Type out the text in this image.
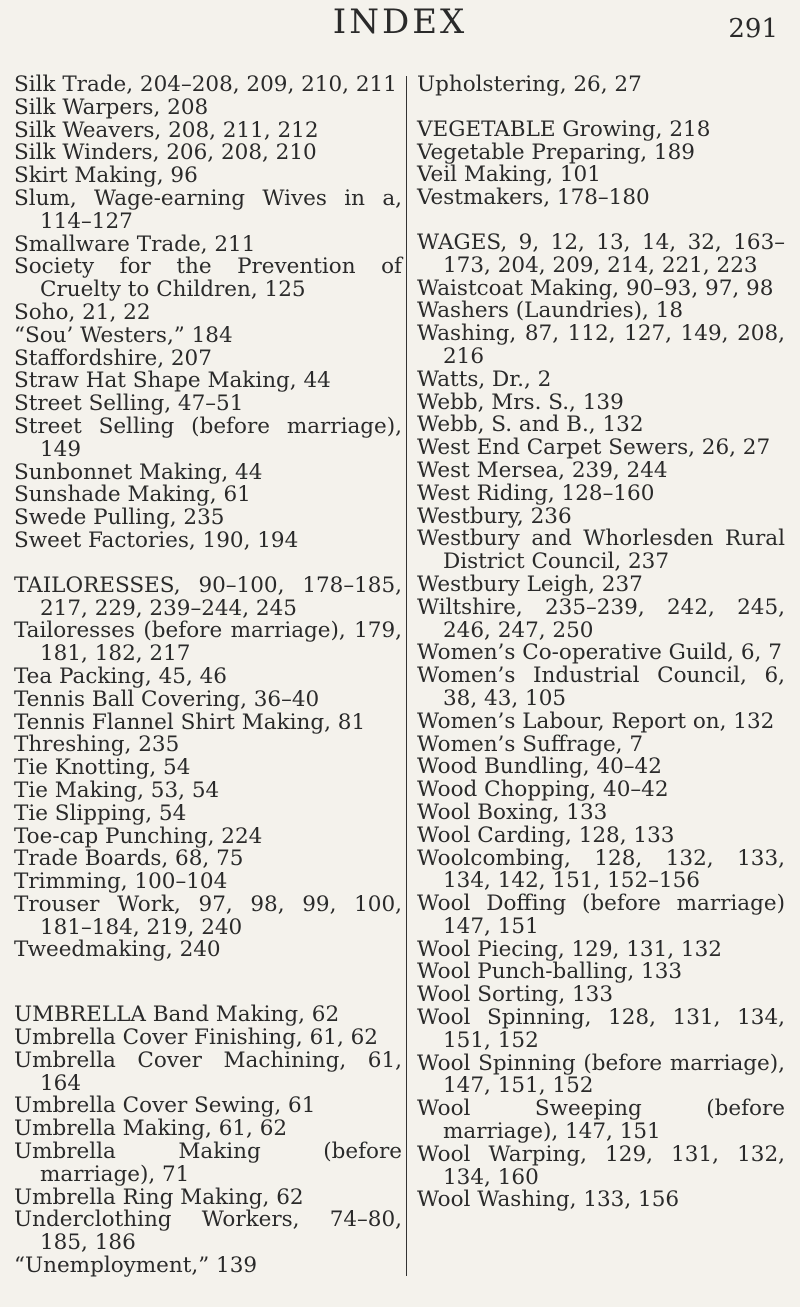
INDEX	291
Silk Trade, 204–208, 209, 210, 211
Silk Warpers, 208
Silk Weavers, 208, 211, 212
Silk Winders, 206, 208, 210
Skirt Making, 96
Slum, Wage-earning Wives in a, 114–127
Smallware Trade, 211
Society for the Prevention of Cruelty to Children, 125
Soho, 21, 22
“Sou’ Westers,” 184
Staffordshire, 207
Straw Hat Shape Making, 44
Street Selling, 47–51
Street Selling (before marriage), 149
Sunbonnet Making, 44
Sunshade Making, 61
Swede Pulling, 235
Sweet Factories, 190, 194
TAILORESSES, 90–100, 178–185, 217, 229, 239–244, 245
Tailoresses (before marriage), 179, 181, 182, 217
Tea Packing, 45, 46
Tennis Ball Covering, 36–40
Tennis Flannel Shirt Making, 81
Threshing, 235
Tie Knotting, 54
Tie Making, 53, 54
Tie Slipping, 54
Toe-cap Punching, 224
Trade Boards, 68, 75
Trimming, 100–104
Trouser Work, 97, 98, 99, 100, 181–184, 219, 240
Tweedmaking, 240
UMBRELLA Band Making, 62
Umbrella Cover Finishing, 61, 62
Umbrella Cover Machining, 61, 164
Umbrella Cover Sewing, 61
Umbrella Making, 61, 62
Umbrella Making (before marriage), 71
Umbrella Ring Making, 62
Underclothing Workers, 74–80, 185, 186
“Unemployment,” 139
Upholstering, 26, 27
VEGETABLE Growing, 218
Vegetable Preparing, 189
Veil Making, 101
Vestmakers, 178–180
WAGES, 9, 12, 13, 14, 32, 163–173, 204, 209, 214, 221, 223
Waistcoat Making, 90–93, 97, 98
Washers (Laundries), 18
Washing, 87, 112, 127, 149, 208, 216
Watts, Dr., 2
Webb, Mrs. S., 139
Webb, S. and B., 132
West End Carpet Sewers, 26, 27
West Mersea, 239, 244
West Riding, 128–160
Westbury, 236
Westbury and Whorlesden Rural District Council, 237
Westbury Leigh, 237
Wiltshire, 235–239, 242, 245, 246, 247, 250
Women’s Co-operative Guild, 6, 7
Women’s Industrial Council, 6, 38, 43, 105
Women’s Labour, Report on, 132
Women’s Suffrage, 7
Wood Bundling, 40–42
Wood Chopping, 40–42
Wool Boxing, 133
Wool Carding, 128, 133
Woolcombing, 128, 132, 133, 134, 142, 151, 152–156
Wool Doffing (before marriage) 147, 151
Wool Piecing, 129, 131, 132
Wool Punch-balling, 133
Wool Sorting, 133
Wool Spinning, 128, 131, 134, 151, 152
Wool Spinning (before marriage), 147, 151, 152
Wool Sweeping (before marriage), 147, 151
Wool Warping, 129, 131, 132, 134, 160
Wool Washing, 133, 156
